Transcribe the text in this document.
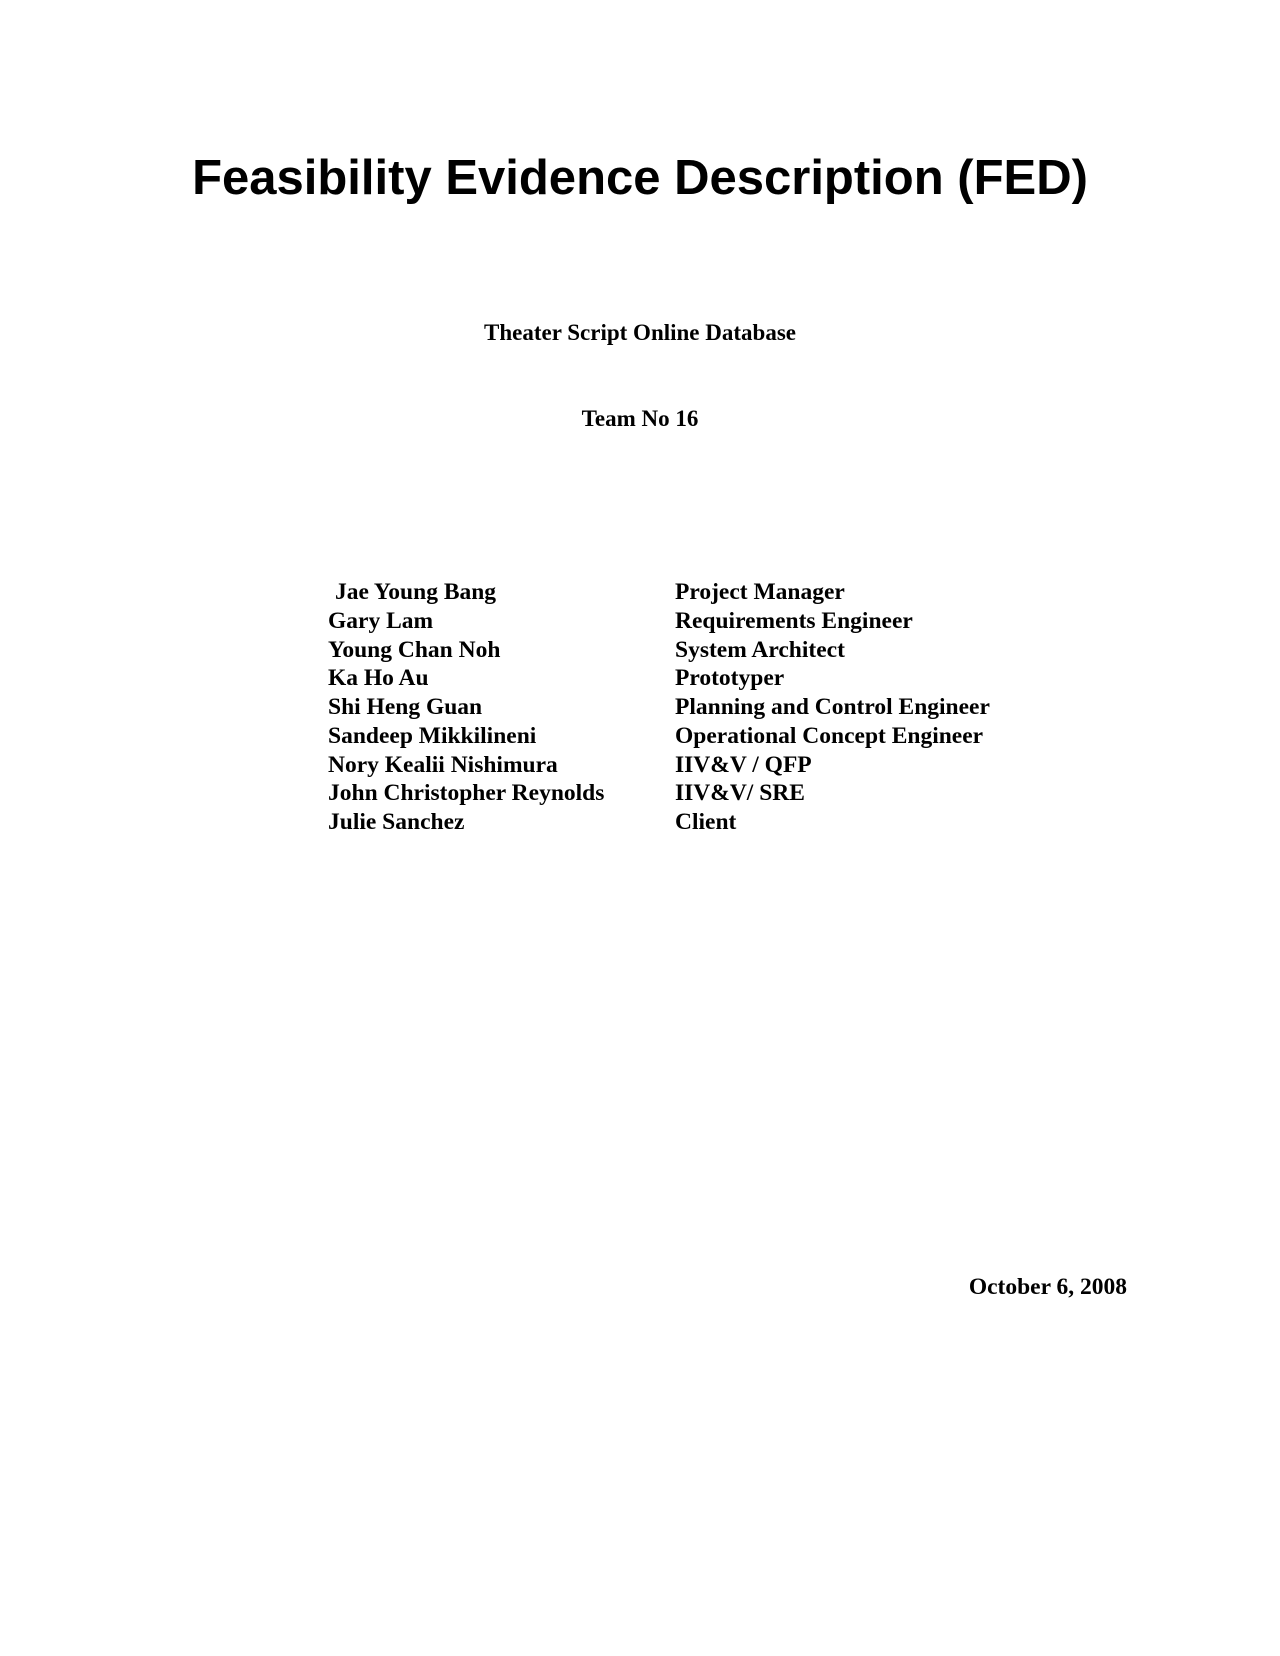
Feasibility Evidence Description (FED)
Theater Script Online Database
Team No 16
Jae Young Bang	Project Manager
Gary Lam	Requirements Engineer
Young Chan Noh	System Architect
Ka Ho Au	Prototyper
Shi Heng Guan	Planning and Control Engineer
Sandeep Mikkilineni	Operational Concept Engineer
Nory Kealii Nishimura	IIV&V / QFP
John Christopher Reynolds	IIV&V/ SRE
Julie Sanchez	Client
October 6, 2008
